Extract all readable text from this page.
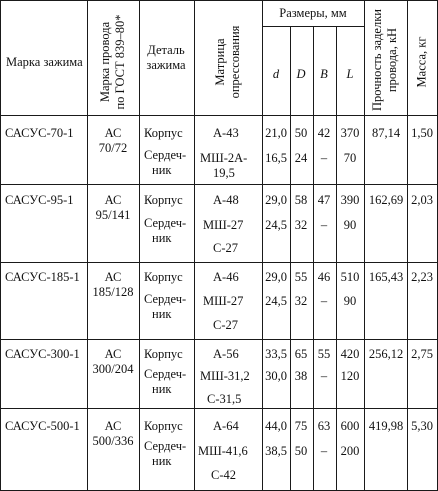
Марка зажима Марка провода по ГОСТ 839–80*	Деталь зажима	Матрица опрессования
Размеры, мм
d D B L Прочность заделки провода, кН Масса, кг
САСУС-70-1 АС
70/72
Корпус
Сердеч-
ник
А-43
МШ-2А-
19,5
21,0
16,5
50
24
42
–
370
70
87,14 1,50
САСУС-95-1 АС
95/141
Корпус
Сердеч-
ник
А-48
МШ-27
С-27
29,0
24,5
58
32
47
–
390
90
162,69 2,03
САСУС-185-1 АС
185/128
Корпус
Сердеч-
ник
А-46
МШ-27
С-27
29,0
24,5
55
32
46
–
510
90
165,43 2,23
САСУС-300-1 АС
300/204
Корпус
Сердеч-
ник
А-56
МШ-31,2
С-31,5
33,5
30,0
65
38
55
–
420
120
256,12 2,75
САСУС-500-1 АС
500/336
Корпус
Сердеч-
ник
А-64
МШ-41,6
С-42
44,0
38,5
75
50
63
–
600
200
419,98 5,30
